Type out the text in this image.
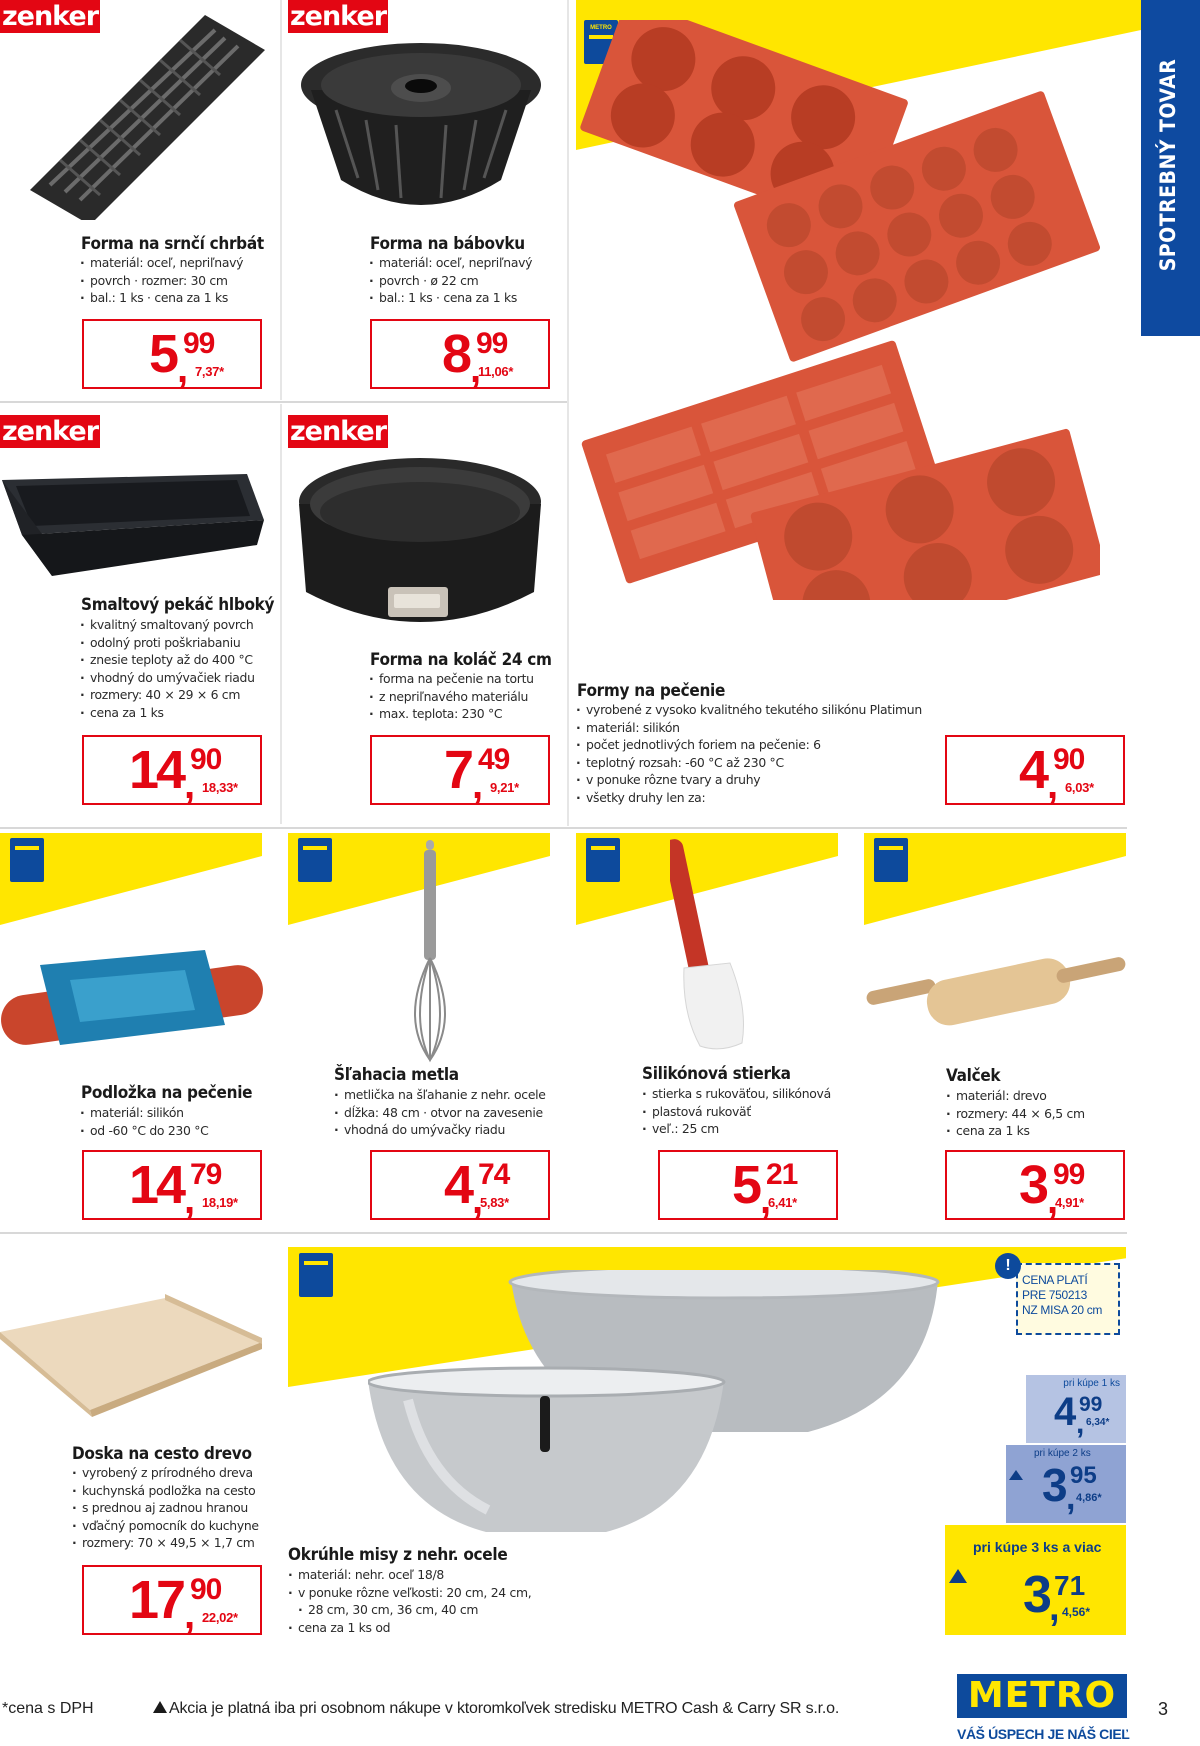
SPOTREBNÝ TOVAR
zenker
Forma na srnčí chrbát
· materiál: oceľ, nepriľnavý
· povrch · rozmer: 30 cm
· bal.: 1 ks · cena za 1 ks
5 ,
99
7,37*
zenker
Forma na bábovku
· materiál: oceľ, nepriľnavý
· povrch · ø 22 cm
· bal.: 1 ks · cena za 1 ks
8 ,
99
11,06*
METRO
zenker
Smaltový pekáč hlboký
· kvalitný smaltovaný povrch
· odolný proti poškriabaniu
· znesie teploty až do 400 °C
· vhodný do umývačiek riadu
· rozmery: 40 × 29 × 6 cm
· cena za 1 ks
14 ,
90
18,33*
zenker
Forma na koláč 24 cm
· forma na pečenie na tortu
· z nepriľnavého materiálu
· max. teplota: 230 °C
7 ,
49
9,21*
Formy na pečenie
· vyrobené z vysoko kvalitného tekutého silikónu Platimun
· materiál: silikón
· počet jednotlivých foriem na pečenie: 6
· teplotný rozsah: -60 °C až 230 °C
· v ponuke rôzne tvary a druhy
· všetky druhy len za:	4 ,
90
6,03*
Podložka na pečenie
· materiál: silikón
· od -60 °C do 230 °C
14 ,
79
18,19*
Šľahacia metla
· metlička na šľahanie z nehr. ocele
· dĺžka: 48 cm · otvor na zavesenie
· vhodná do umývačky riadu
4 ,
74
5,83*
Silikónová stierka
· stierka s rukoväťou, silikónová
· plastová rukoväť
· veľ.: 25 cm
5 ,
21
6,41*
Valček
· materiál: drevo
· rozmery: 44 × 6,5 cm
· cena za 1 ks
3 ,
99
4,91*
Doska na cesto drevo
· vyrobený z prírodného dreva
· kuchynská podložka na cesto
· s prednou aj zadnou hranou
· vďačný pomocník do kuchyne
· rozmery: 70 × 49,5 × 1,7 cm
17 ,
90
22,02*
Okrúhle misy z nehr. ocele
· materiál: nehr. oceľ 18/8
· v ponuke rôzne veľkosti: 20 cm, 24 cm,
· 28 cm, 30 cm, 36 cm, 40 cm
· cena za 1 ks od
CENA PLATÍ
PRE 750213
NZ MISA 20 cm
!
pri kúpe 1 ks
4 ,
99
6,34*
pri kúpe 2 ks
3
,
95
4,86*
pri kúpe 3 ks a viac
3
,
71
4,56*
*cena s DPH	Akcia je platná iba pri osobnom nákupe v ktoromkoľvek stredisku METRO Cash & Carry SR s.r.o.	METRO
VÁŠ ÚSPECH JE NÁŠ CIEĽ
3
